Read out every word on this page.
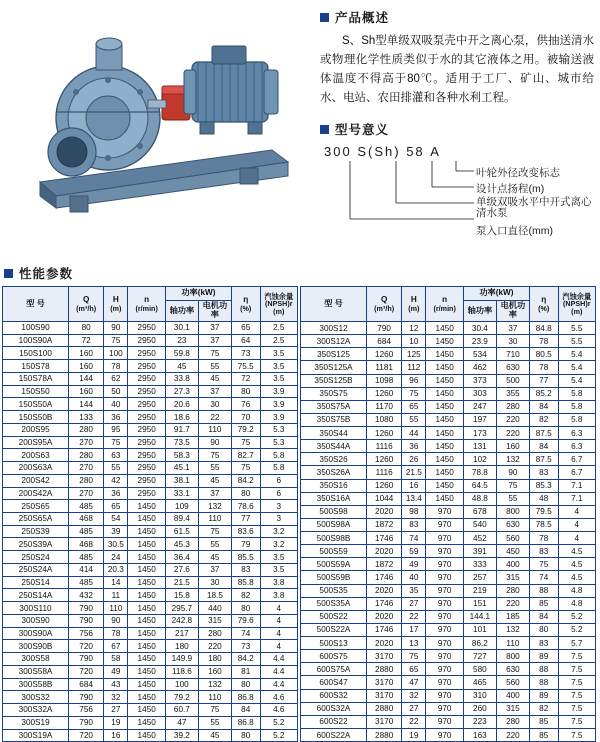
产品概述

S、Sh型单级双吸泵壳中开之离心泵，供抽送清水或物理化学性质类似于水的其它液体之用。被输送液体温度不得高于80℃。适用于工厂、矿山、城市给水、电站、农田排灌和各种水利工程。

型号意义
300 S(Sh) 58 A
叶轮外径改变标志
设计点扬程(m)
单级双吸水平中开式离心清水泵
泵入口直径(mm)
性能参数
型 号	Q
(m³/h)

H
(m)

n
(r/min)
	功率(kW)	
η
(%)

汽蚀余量
(NPSH)r
(m)

				轴功率	电机功率		
100S90	80	90	2950	30.1	37	65	2.5
100S90A	72	75	2950	23	37	64	2.5
150S100	160	100	2950	59.8	75	73	3.5
150S78	160	78	2950	45	55	75.5	3.5
150S78A	144	62	2950	33.8	45	72	3.5
150S50	160	50	2950	27.3	37	80	3.9
150S50A	144	40	2950	20.6	30	76	3.9
150S50B	133	36	2950	18.6	22	70	3.9
200S95	280	95	2950	91.7	110	79.2	5.3
200S95A	270	75	2950	73.5	90	75	5.3
200S63	280	63	2950	58.3	75	82.7	5.8
200S63A	270	55	2950	45.1	55	75	5.8
200S42	280	42	2950	38.1	45	84.2	6
200S42A	270	36	2950	33.1	37	80	6
250S65	485	65	1450	109	132	78.6	3
250S65A	468	54	1450	89.4	110	77	3
250S39	485	39	1450	61.5	75	83.6	3.2
250S39A	468	30.5	1450	45.3	55	79	3.2
250S24	485	24	1450	36.4	45	85.5	3.5
250S24A	414	20.3	1450	27.6	37	83	3.5
250S14	485	14	1450	21.5	30	85.8	3.8
250S14A	432	11	1450	15.8	18.5	82	3.8
300S110	790	110	1450	295.7	440	80	4
300S90	790	90	1450	242.8	315	79.6	4
300S90A	756	78	1450	217	280	74	4
300S90B	720	67	1450	180	220	73	4
300S58	790	58	1450	149.9	180	84.2	4.4
300S58A	720	49	1450	118.6	160	81	4.4
300S58B	684	43	1450	100	132	80	4.4
300S32	790	32	1450	79.2	110	86.8	4.6
300S32A	756	27	1450	60.7	75	84	4.6
300S19	790	19	1450	47	55	86.8	5.2
300S19A	720	16	1450	39.2	45	80	5.2
型 号	Q
(m³/h)

H
(m)

n
(r/min)
	功率(kW)	
η
(%)

汽蚀余量
(NPSH)r
(m)

				轴功率	电机功率		
300S12	790	12	1450	30.4	37	84.8	5.5
300S12A	684	10	1450	23.9	30	78	5.5
350S125	1260	125	1450	534	710	80.5	5.4
350S125A	1181	112	1450	462	630	78	5.4
350S125B	1098	96	1450	373	500	77	5.4
350S75	1260	75	1450	303	355	85.2	5.8
350S75A	1170	65	1450	247	280	84	5.8
350S75B	1080	55	1450	197	220	82	5.8
350S44	1260	44	1450	173	220	87.5	6.3
350S44A	1116	36	1450	131	160	84	6.3
350S26	1260	26	1450	102	132	87.5	6.7
350S26A	1116	21.5	1450	78.8	90	83	6.7
350S16	1260	16	1450	64.5	75	85.3	7.1
350S16A	1044	13.4	1450	48.8	55	48	7.1
500S98	2020	98	970	678	800	79.5	4
500S98A	1872	83	970	540	630	78.5	4
500S98B	1746	74	970	452	560	78	4
500S59	2020	59	970	391	450	83	4.5
500S59A	1872	49	970	333	400	75	4.5
500S59B	1746	40	970	257	315	74	4.5
500S35	2020	35	970	219	280	88	4.8
500S35A	1746	27	970	151	220	85	4.8
500S22	2020	22	970	144.1	185	84	5.2
500S22A	1746	17	970	101	132	80	5.2
500S13	2020	13	970	86.2	110	83	5.7
600S75	3170	75	970	727	800	89	7.5
600S75A	2880	65	970	580	630	88	7.5
600S47	3170	47	970	465	560	88	7.5
600S32	3170	32	970	310	400	89	7.5
600S32A	2880	27	970	260	315	82	7.5
600S22	3170	22	970	223	280	85	7.5
600S22A	2880	19	970	163	220	85	7.5
